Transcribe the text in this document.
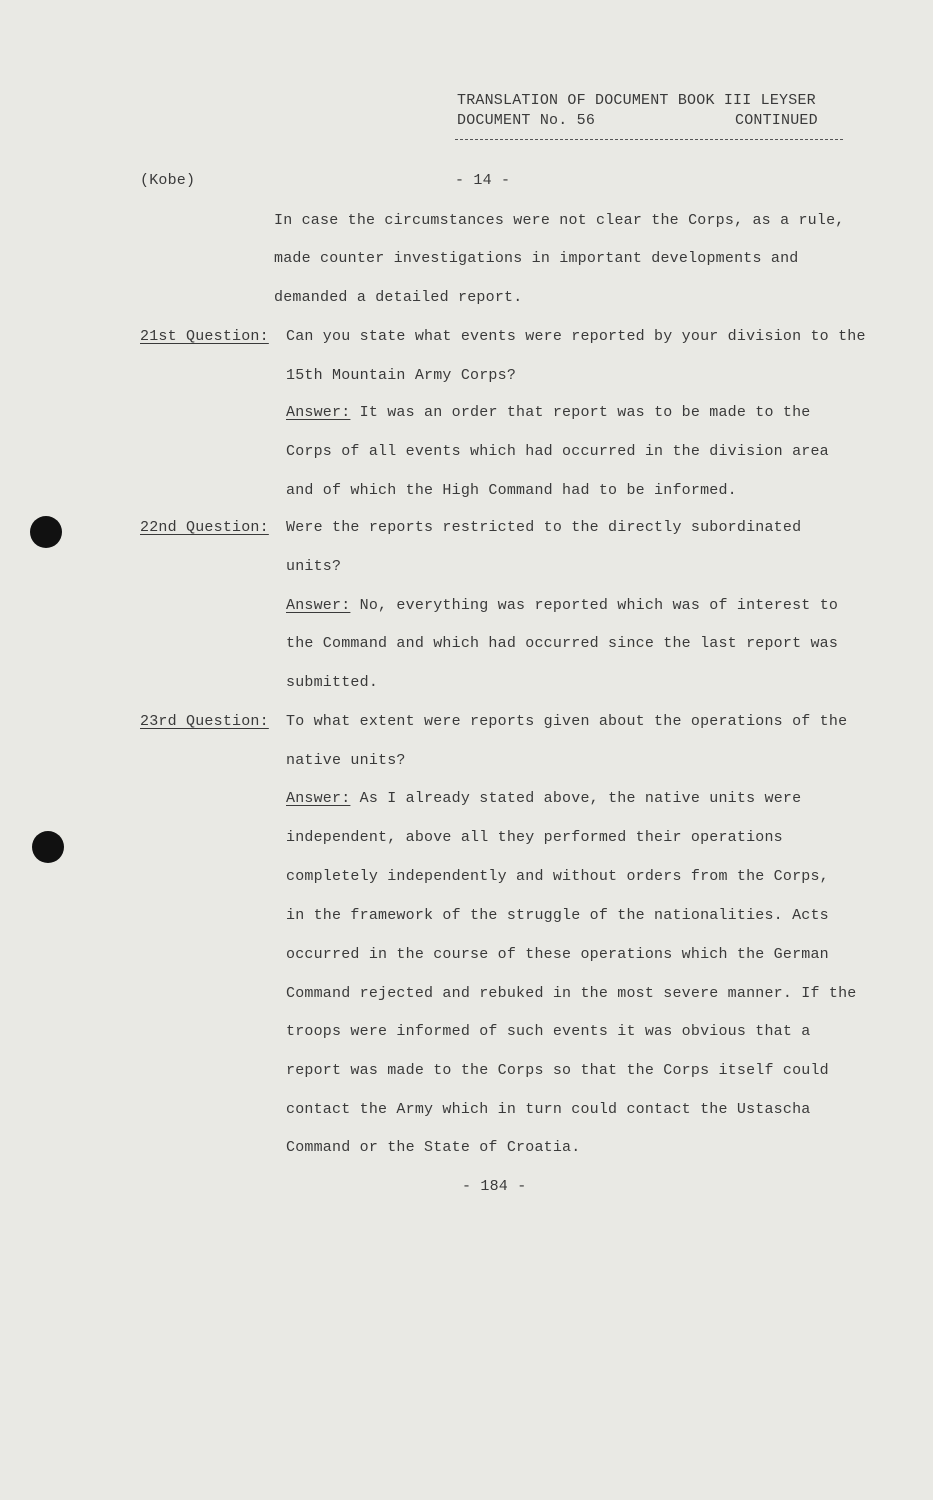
TRANSLATION OF DOCUMENT BOOK III LEYSER
DOCUMENT No. 56	CONTINUED
(Kobe)	- 14 -
In case the circumstances were not clear the Corps, as a rule,
made counter investigations in important developments and
demanded a detailed report.
21st Question: Can you state what events were reported by your division to the
15th Mountain Army Corps?
Answer: It was an order that report was to be made to the
Corps of all events which had occurred in the division area
and of which the High Command had to be informed.
22nd Question: Were the reports restricted to the directly subordinated
units?
Answer: No, everything was reported which was of interest to
the Command and which had occurred since the last report was
submitted.
23rd Question: To what extent were reports given about the operations of the
native units?
Answer: As I already stated above, the native units were
independent, above all they performed their operations
completely independently and without orders from the Corps,
in the framework of the struggle of the nationalities. Acts
occurred in the course of these operations which the German
Command rejected and rebuked in the most severe manner. If the
troops were informed of such events it was obvious that a
report was made to the Corps so that the Corps itself could
contact the Army which in turn could contact the Ustascha
Command or the State of Croatia.
- 184 -
